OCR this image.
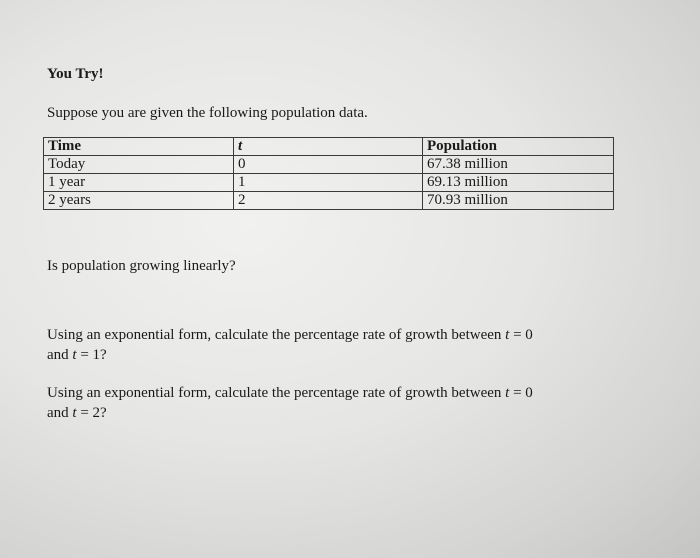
You Try!
Suppose you are given the following population data.
Time	t	Population
Today	0	67.38 million
1 year	1	69.13 million
2 years	2	70.93 million
Is population growing linearly?
Using an exponential form, calculate the percentage rate of growth between t = 0
and t = 1?
Using an exponential form, calculate the percentage rate of growth between t = 0
and t = 2?
